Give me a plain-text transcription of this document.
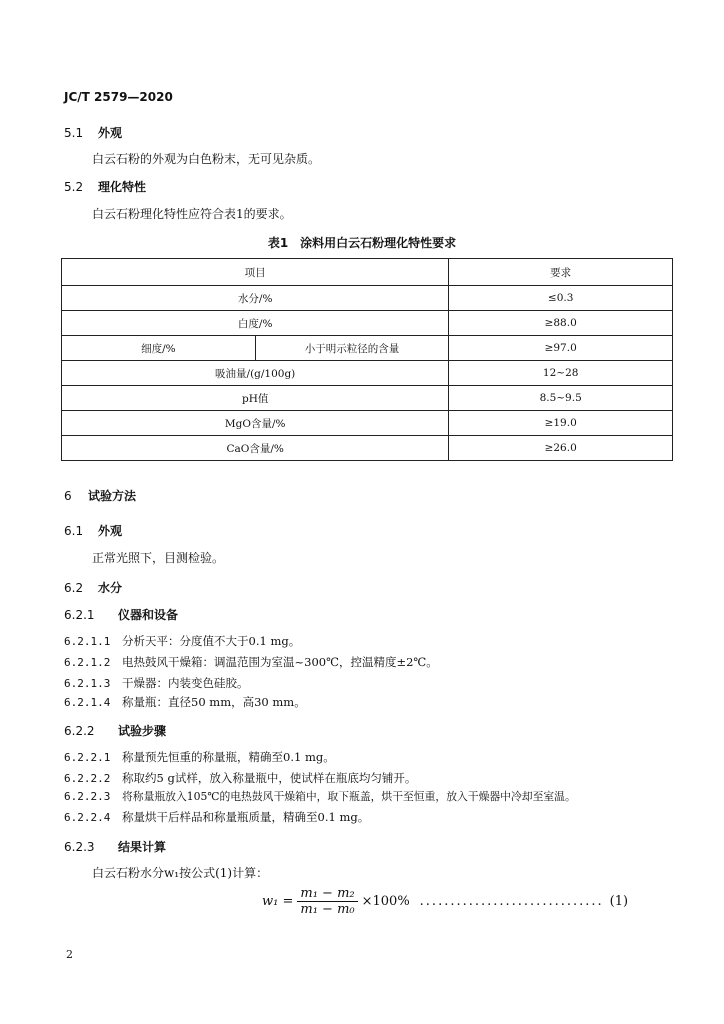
JC/T 2579—2020
5.1 外观
白云石粉的外观为白色粉末，无可见杂质。
5.2 理化特性
白云石粉理化特性应符合表1的要求。
表1　涂料用白云石粉理化特性要求
项目		要求
水分/%		≤0.3
白度/%		≥88.0
细度/%	小于明示粒径的含量	≥97.0
吸油量/(g/100g)		12~28
pH值		8.5~9.5
MgO含量/%		≥19.0
CaO含量/%		≥26.0
6 试验方法
6.1 外观
正常光照下，目测检验。
6.2 水分
6.2.1 仪器和设备
6.2.1.1 分析天平：分度值不大于0.1 mg。
6.2.1.2 电热鼓风干燥箱：调温范围为室温~300℃，控温精度±2℃。
6.2.1.3 干燥器：内装变色硅胶。
6.2.1.4 称量瓶：直径50 mm，高30 mm。
6.2.2 试验步骤
6.2.2.1 称量预先恒重的称量瓶，精确至0.1 mg。
6.2.2.2 称取约5 g试样，放入称量瓶中，使试样在瓶底均匀铺开。
6.2.2.3 将称量瓶放入105℃的电热鼓风干燥箱中，取下瓶盖，烘干至恒重，放入干燥器中冷却至室温。
6.2.2.4 称量烘干后样品和称量瓶质量，精确至0.1 mg。
6.2.3 结果计算
白云石粉水分w₁按公式(1)计算：
$w_1 = \frac{\text{m₁ − m₂}}{\text{m₁ − m₀}} \times 100\%$ .............................. (1)
2
